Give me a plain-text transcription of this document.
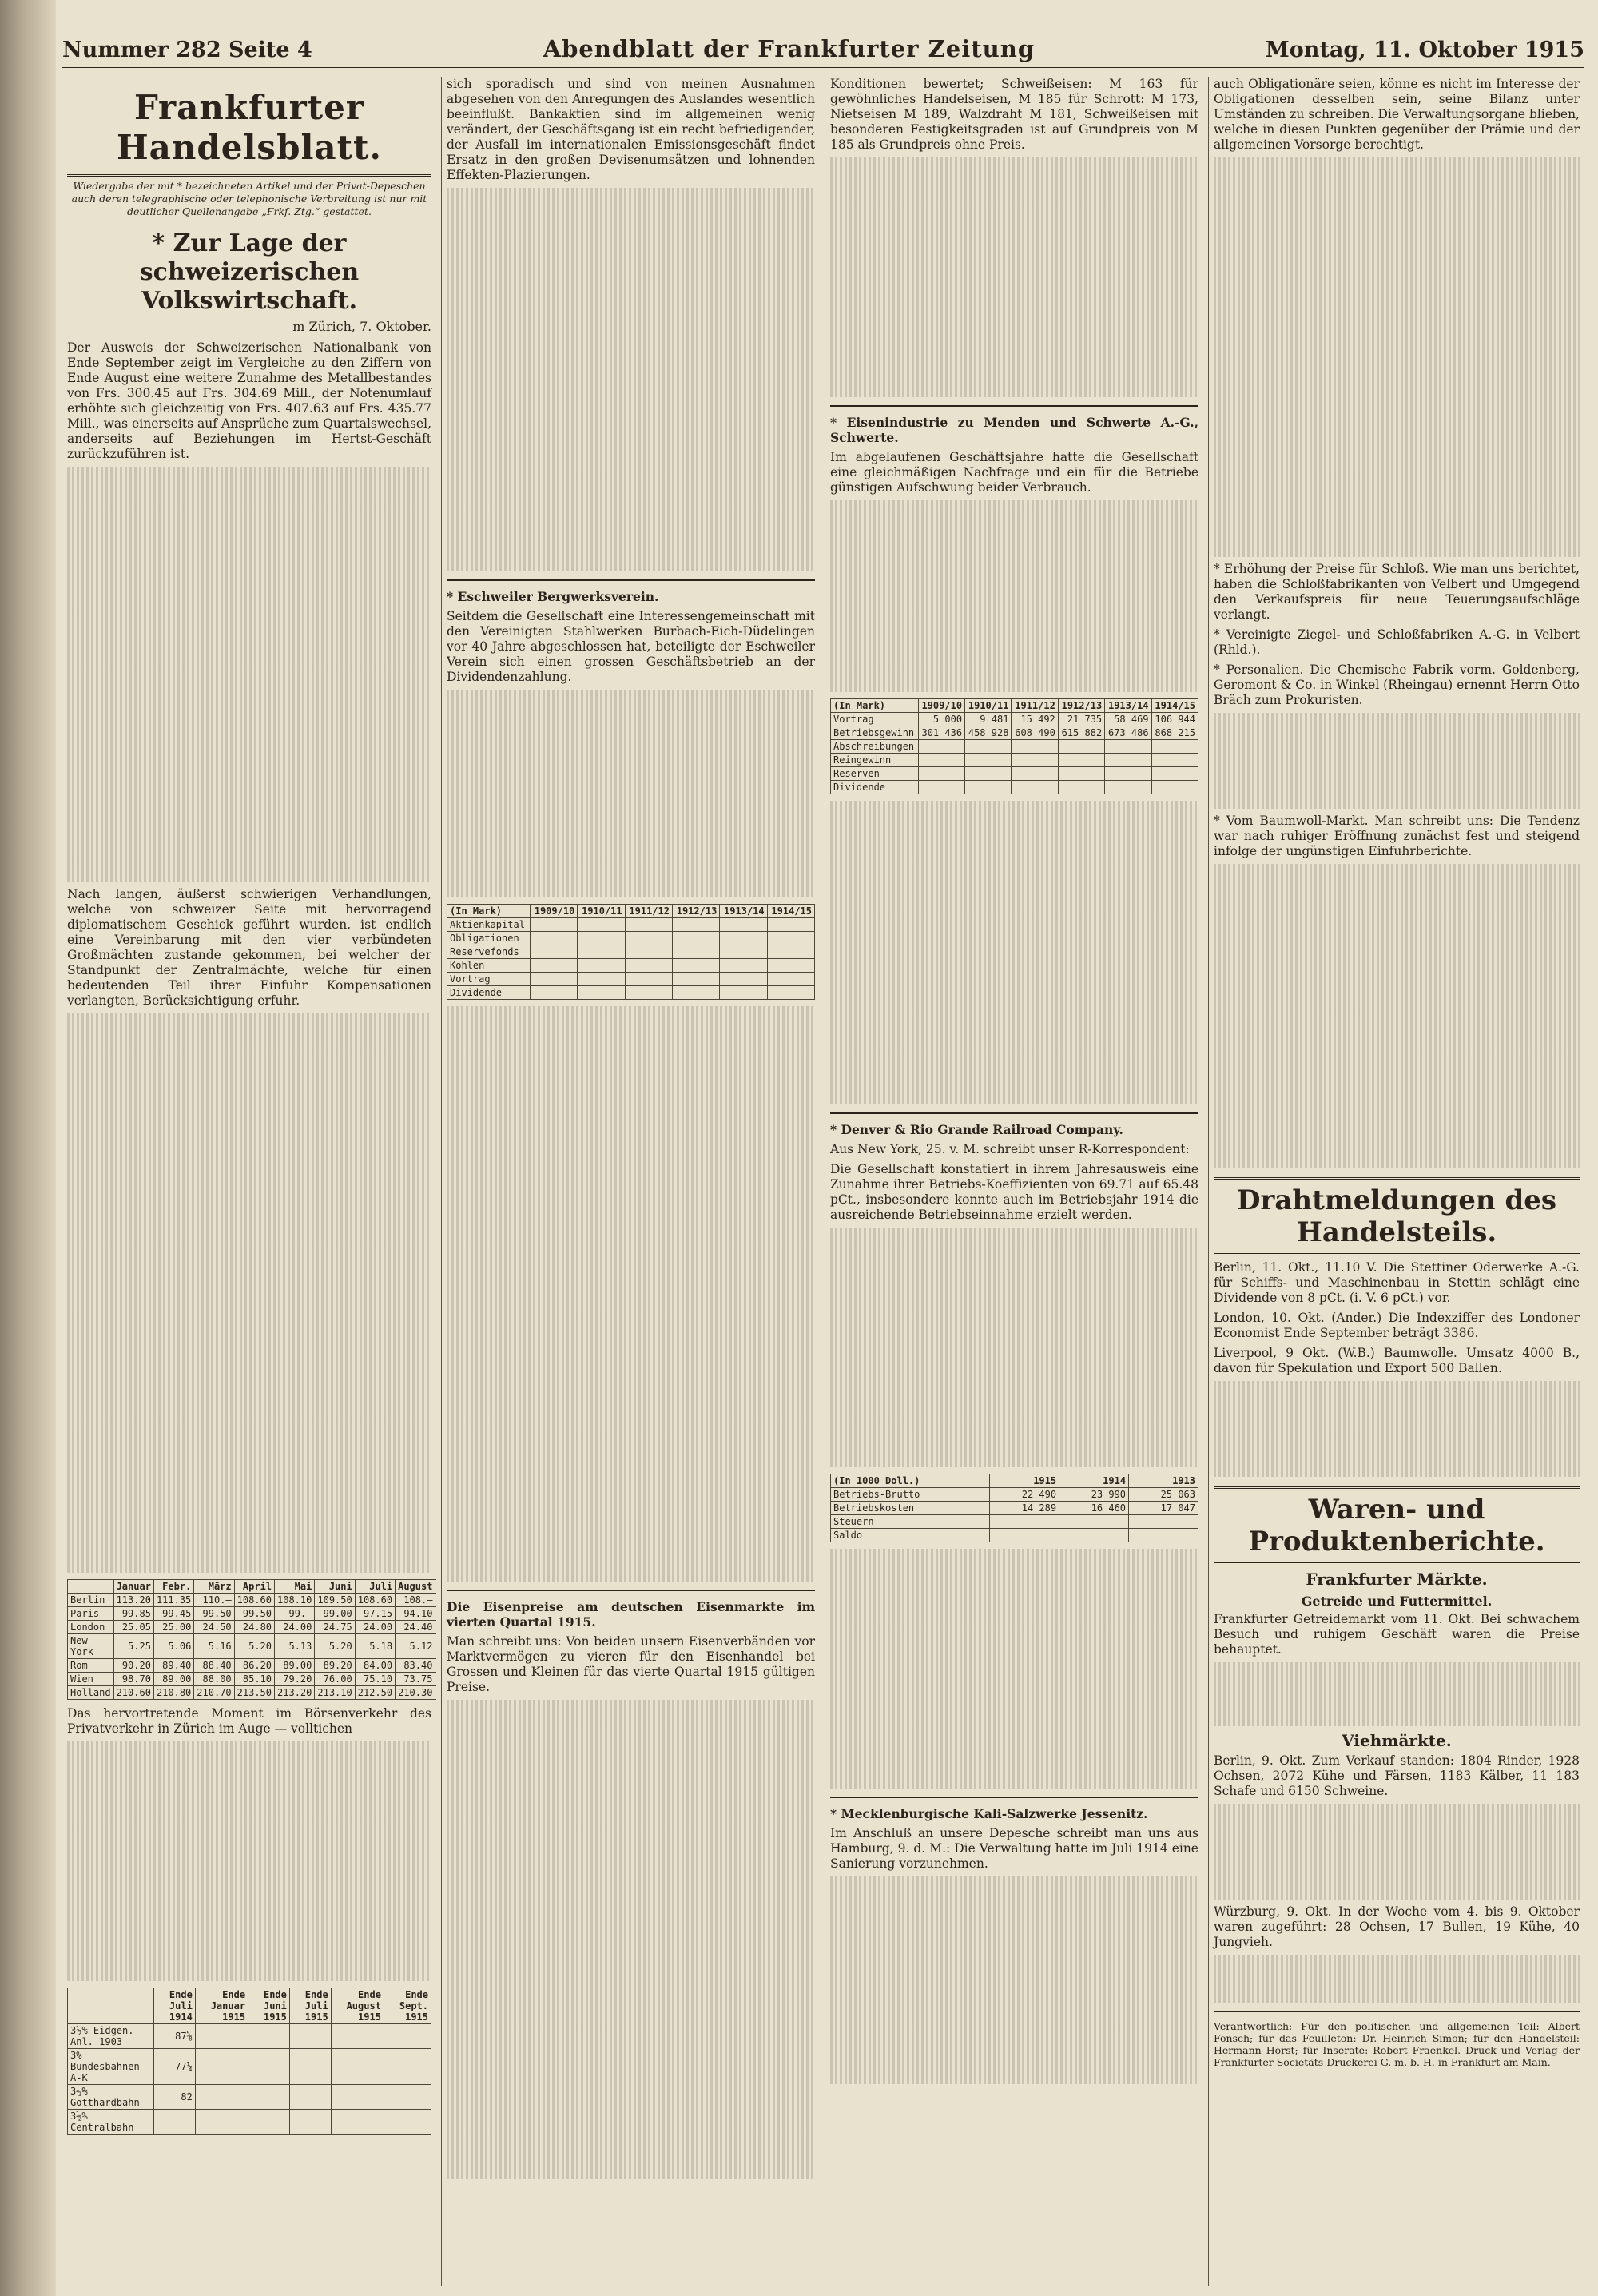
Nummer 282 Seite 4	Abendblatt der Frankfurter Zeitung	Montag, 11. Oktober 1915
Frankfurter Handelsblatt.
Wiedergabe der mit * bezeichneten Artikel und der Privat-Depeschen auch deren telegraphische oder telephonische Verbreitung ist nur mit deutlicher Quellenangabe „Frkf. Ztg.“ gestattet.
* Zur Lage der schweizerischen Volkswirtschaft.
m Zürich, 7. Oktober.

Der Ausweis der Schweizerischen Nationalbank von Ende September zeigt im Vergleiche zu den Ziffern von Ende August eine weitere Zunahme des Metallbestandes von Frs. 300.45 auf Frs. 304.69 Mill., der Notenumlauf erhöhte sich gleichzeitig von Frs. 407.63 auf Frs. 435.77 Mill., was einerseits auf Ansprüche zum Quartalswechsel, anderseits auf Beziehungen im Hertst-Geschäft zurückzuführen ist.

Nach langen, äußerst schwierigen Verhandlungen, welche von schweizer Seite mit hervorragend diplomatischem Geschick geführt wurden, ist endlich eine Vereinbarung mit den vier verbündeten Großmächten zustande gekommen, bei welcher der Standpunkt der Zentralmächte, welche für einen bedeutenden Teil ihrer Einfuhr Kompensationen verlangten, Berücksichtigung erfuhr.

	Januar	Febr.	März	April	Mai	Juni	Juli	August	
Berlin	113.20	111.35	110.—	108.60	108.10	109.50	108.60	108.—	
Paris	99.85	99.45	99.50	99.50	99.—	99.00	97.15	94.10	
London	25.05	25.00	24.50	24.80	24.00	24.75	24.00	24.40	
New-York	5.25	5.06	5.16	5.20	5.13	5.20	5.18	5.12	
Rom	90.20	89.40	88.40	86.20	89.00	89.20	84.00	83.40	
Wien	98.70	89.00	88.00	85.10	79.20	76.00	75.10	73.75	
Holland	210.60	210.80	210.70	213.50	213.20	213.10	212.50	210.30	

Das hervortretende Moment im Börsenverkehr des Privatverkehr in Zürich im Auge — volltichen

	Ende Juli 1914	Ende Januar 1915	Ende Juni 1915	Ende Juli 1915	Ende August 1915	Ende Sept. 1915
3½% Eidgen. Anl. 1903	87⅝					
3% Bundesbahnen A-K	77¼					
3½% Gotthardbahn	82					
3½% Centralbahn						

sich sporadisch und sind von meinen Ausnahmen abgesehen von den Anregungen des Auslandes wesentlich beeinflußt. Bankaktien sind im allgemeinen wenig verändert, der Geschäftsgang ist ein recht befriedigender, der Ausfall im internationalen Emissionsgeschäft findet Ersatz in den großen Devisenumsätzen und lohnenden Effekten-Plazierungen.

* Eschweiler Bergwerksverein.

Seitdem die Gesellschaft eine Interessengemeinschaft mit den Vereinigten Stahlwerken Burbach-Eich-Düdelingen vor 40 Jahre abgeschlossen hat, beteiligte der Eschweiler Verein sich einen grossen Geschäftsbetrieb an der Dividendenzahlung.

(In Mark)	1909/10	1910/11	1911/12	1912/13	1913/14	1914/15
Aktienkapital						
Obligationen						
Reservefonds						
Kohlen						
Vortrag						
Dividende						

Die Eisenpreise am deutschen Eisenmarkte im vierten Quartal 1915.

Man schreibt uns: Von beiden unsern Eisenverbänden vor Marktvermögen zu vieren für den Eisenhandel bei Grossen und Kleinen für das vierte Quartal 1915 gültigen Preise.

Konditionen bewertet; Schweißeisen: M 163 für gewöhnliches Handelseisen, M 185 für Schrott: M 173, Nietseisen M 189, Walzdraht M 181, Schweißeisen mit besonderen Festigkeitsgraden ist auf Grundpreis von M 185 als Grundpreis ohne Preis.

* Eisenindustrie zu Menden und Schwerte A.-G., Schwerte.

Im abgelaufenen Geschäftsjahre hatte die Gesellschaft eine gleichmäßigen Nachfrage und ein für die Betriebe günstigen Aufschwung beider Verbrauch.

(In Mark)	1909/10	1910/11	1911/12	1912/13	1913/14	1914/15
Vortrag	5 000	9 481	15 492	21 735	58 469	106 944
Betriebsgewinn	301 436	458 928	608 490	615 882	673 486	868 215
Abschreibungen						
Reingewinn						
Reserven						
Dividende						

* Denver & Rio Grande Railroad Company.

Aus New York, 25. v. M. schreibt unser R-Korrespondent:

Die Gesellschaft konstatiert in ihrem Jahresausweis eine Zunahme ihrer Betriebs-Koeffizienten von 69.71 auf 65.48 pCt., insbesondere konnte auch im Betriebsjahr 1914 die ausreichende Betriebseinnahme erzielt werden.

(In 1000 Doll.)	1915	1914	1913
Betriebs-Brutto	22 490	23 990	25 063
Betriebskosten	14 289	16 460	17 047
Steuern			
Saldo			

* Mecklenburgische Kali-Salzwerke Jessenitz.

Im Anschluß an unsere Depesche schreibt man uns aus Hamburg, 9. d. M.: Die Verwaltung hatte im Juli 1914 eine Sanierung vorzunehmen.

auch Obligationäre seien, könne es nicht im Interesse der Obligationen desselben sein, seine Bilanz unter Umständen zu schreiben. Die Verwaltungsorgane blieben, welche in diesen Punkten gegenüber der Prämie und der allgemeinen Vorsorge berechtigt.

* Erhöhung der Preise für Schloß. Wie man uns berichtet, haben die Schloßfabrikanten von Velbert und Umgegend den Verkaufspreis für neue Teuerungsaufschläge verlangt.

* Vereinigte Ziegel- und Schloßfabriken A.-G. in Velbert (Rhld.).

* Personalien. Die Chemische Fabrik vorm. Goldenberg, Geromont & Co. in Winkel (Rheingau) ernennt Herrn Otto Bräch zum Prokuristen.

* Vom Baumwoll-Markt. Man schreibt uns: Die Tendenz war nach ruhiger Eröffnung zunächst fest und steigend infolge der ungünstigen Einfuhrberichte.

Drahtmeldungen des Handelsteils.

Berlin, 11. Okt., 11.10 V. Die Stettiner Oderwerke A.-G. für Schiffs- und Maschinenbau in Stettin schlägt eine Dividende von 8 pCt. (i. V. 6 pCt.) vor.

London, 10. Okt. (Ander.) Die Indexziffer des Londoner Economist Ende September beträgt 3386.

Liverpool, 9 Okt. (W.B.) Baumwolle. Umsatz 4000 B., davon für Spekulation und Export 500 Ballen.

Waren- und Produktenberichte.
Frankfurter Märkte.
Getreide und Futtermittel.

Frankfurter Getreidemarkt vom 11. Okt. Bei schwachem Besuch und ruhigem Geschäft waren die Preise behauptet.

Viehmärkte.

Berlin, 9. Okt. Zum Verkauf standen: 1804 Rinder, 1928 Ochsen, 2072 Kühe und Färsen, 1183 Kälber, 11 183 Schafe und 6150 Schweine.

Würzburg, 9. Okt. In der Woche vom 4. bis 9. Oktober waren zugeführt: 28 Ochsen, 17 Bullen, 19 Kühe, 40 Jungvieh.

Verantwortlich: Für den politischen und allgemeinen Teil: Albert Fonsch; für das Feuilleton: Dr. Heinrich Simon; für den Handelsteil: Hermann Horst; für Inserate: Robert Fraenkel. Druck und Verlag der Frankfurter Societäts-Druckerei G. m. b. H. in Frankfurt am Main.
